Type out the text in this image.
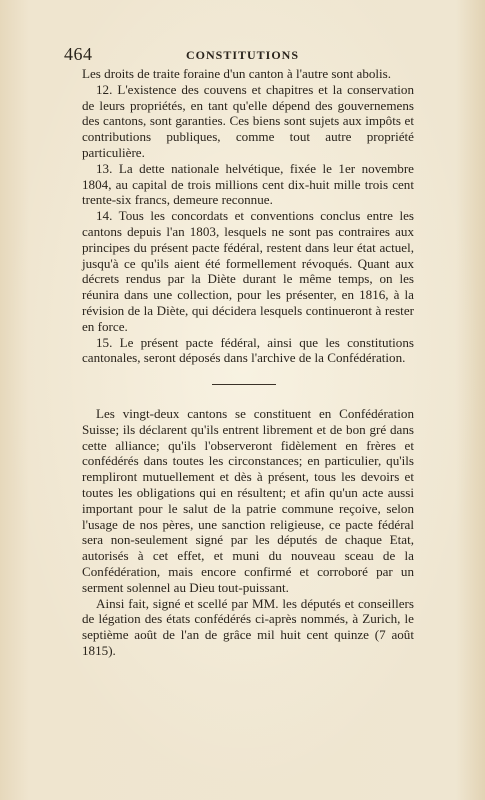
464	CONSTITUTIONS

Les droits de traite foraine d'un canton à l'autre sont abolis.

12. L'existence des couvens et chapitres et la conservation de leurs propriétés, en tant qu'elle dépend des gouvernemens des cantons, sont garanties. Ces biens sont sujets aux impôts et contributions publiques, comme tout autre propriété particulière.

13. La dette nationale helvétique, fixée le 1er novembre 1804, au capital de trois millions cent dix-huit mille trois cent trente-six francs, demeure reconnue.

14. Tous les concordats et conventions conclus entre les cantons depuis l'an 1803, lesquels ne sont pas contraires aux principes du présent pacte fédéral, restent dans leur état actuel, jusqu'à ce qu'ils aient été formellement révoqués. Quant aux décrets rendus par la Diète durant le même temps, on les réunira dans une collection, pour les présenter, en 1816, à la révision de la Diète, qui décidera lesquels continueront à rester en force.

15. Le présent pacte fédéral, ainsi que les constitutions cantonales, seront déposés dans l'archive de la Confédération.

Les vingt-deux cantons se constituent en Confédération Suisse; ils déclarent qu'ils entrent librement et de bon gré dans cette alliance; qu'ils l'observeront fidèlement en frères et confédérés dans toutes les circonstances; en particulier, qu'ils rempliront mutuellement et dès à présent, tous les devoirs et toutes les obligations qui en résultent; et afin qu'un acte aussi important pour le salut de la patrie commune reçoive, selon l'usage de nos pères, une sanction religieuse, ce pacte fédéral sera non-seulement signé par les députés de chaque Etat, autorisés à cet effet, et muni du nouveau sceau de la Confédération, mais encore confirmé et corroboré par un serment solennel au Dieu tout-puissant.

Ainsi fait, signé et scellé par MM. les députés et conseillers de légation des états confédérés ci-après nommés, à Zurich, le septième août de l'an de grâce mil huit cent quinze (7 août 1815).
